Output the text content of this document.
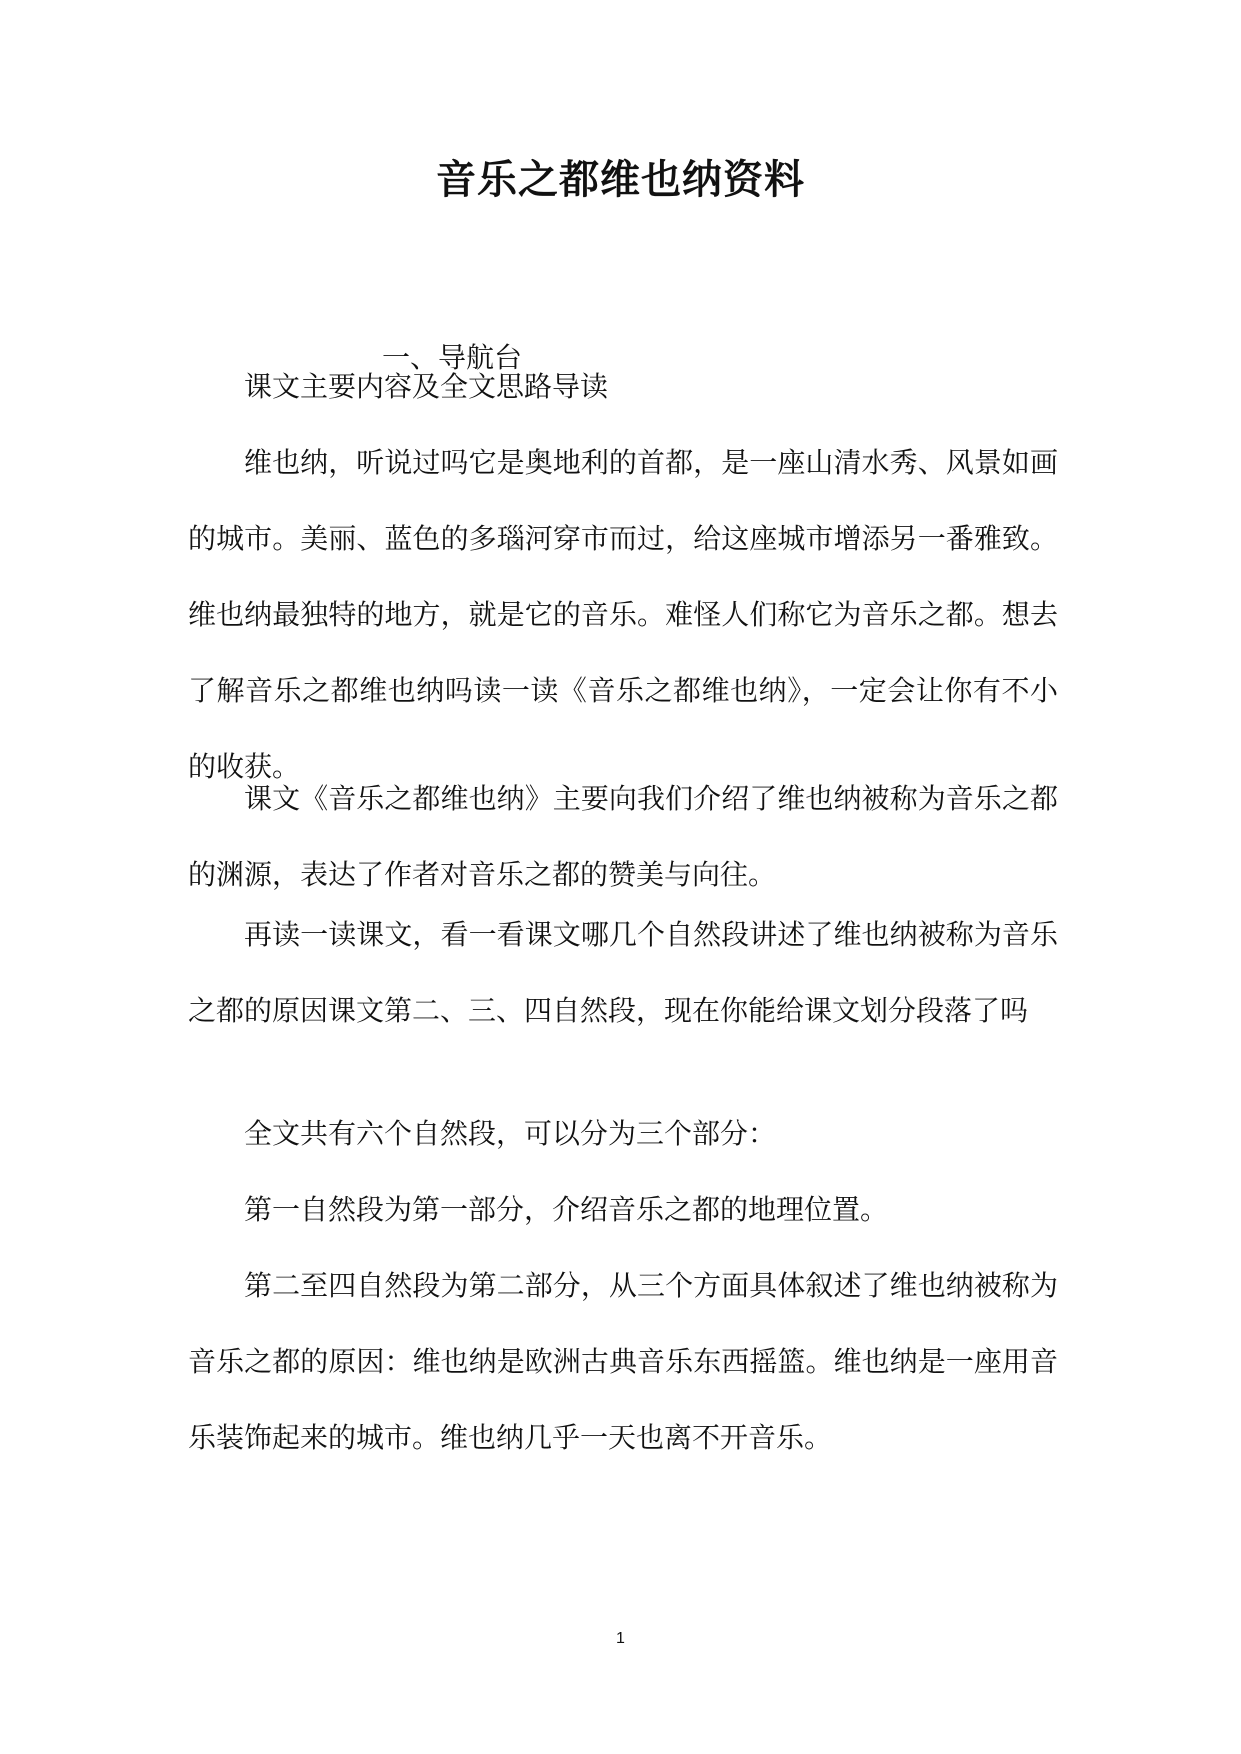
音乐之都维也纳资料
一、导航台
课文主要内容及全文思路导读
维也纳，听说过吗它是奥地利的首都，是一座山清水秀、风景如画的城市。美丽、蓝色的多瑙河穿市而过，给这座城市增添另一番雅致。维也纳最独特的地方，就是它的音乐。难怪人们称它为音乐之都。想去了解音乐之都维也纳吗读一读《音乐之都维也纳》，一定会让你有不小的收获。
课文《音乐之都维也纳》主要向我们介绍了维也纳被称为音乐之都的渊源，表达了作者对音乐之都的赞美与向往。
再读一读课文，看一看课文哪几个自然段讲述了维也纳被称为音乐之都的原因课文第二、三、四自然段，现在你能给课文划分段落了吗
全文共有六个自然段，可以分为三个部分：
第一自然段为第一部分，介绍音乐之都的地理位置。
第二至四自然段为第二部分，从三个方面具体叙述了维也纳被称为音乐之都的原因：维也纳是欧洲古典音乐东西摇篮。维也纳是一座用音乐装饰起来的城市。维也纳几乎一天也离不开音乐。
1
